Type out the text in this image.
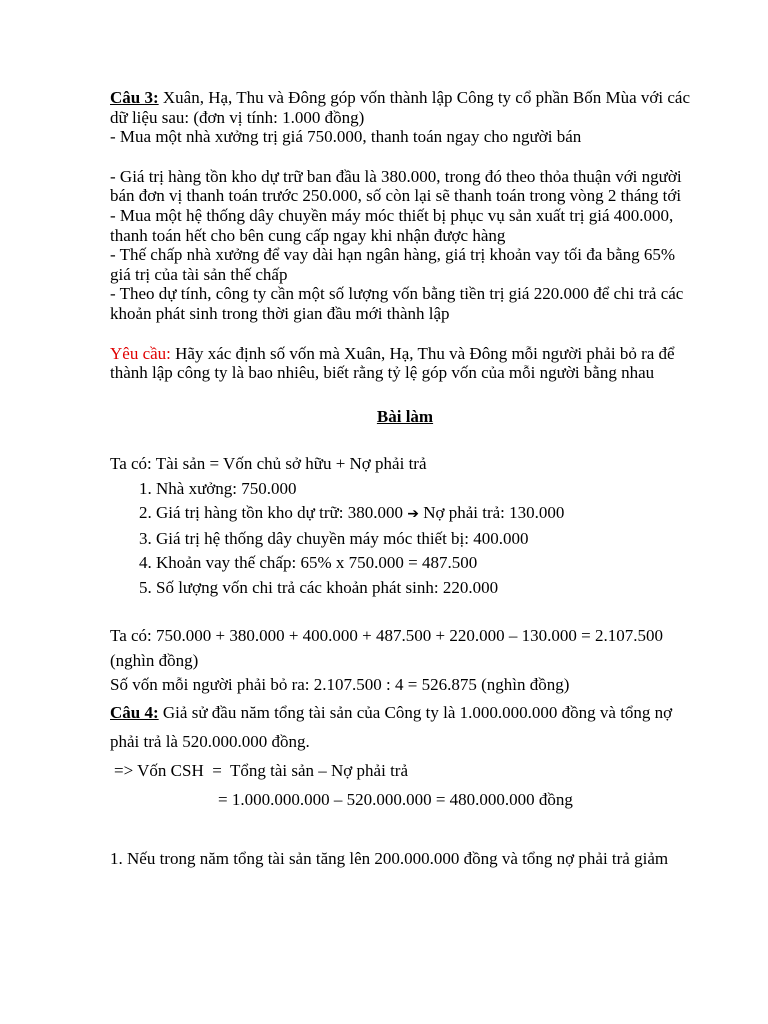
Câu 3: Xuân, Hạ, Thu và Đông góp vốn thành lập Công ty cổ phần Bốn Mùa với các dữ liệu sau: (đơn vị tính: 1.000 đồng)

- Mua một nhà xưởng trị giá 750.000, thanh toán ngay cho người bán

- Giá trị hàng tồn kho dự trữ ban đầu là 380.000, trong đó theo thỏa thuận với người bán đơn vị thanh toán trước 250.000, số còn lại sẽ thanh toán trong vòng 2 tháng tới

- Mua một hệ thống dây chuyền máy móc thiết bị phục vụ sản xuất trị giá 400.000, thanh toán hết cho bên cung cấp ngay khi nhận được hàng

- Thế chấp nhà xưởng để vay dài hạn ngân hàng, giá trị khoản vay tối đa bằng 65% giá trị của tài sản thế chấp

- Theo dự tính, công ty cần một số lượng vốn bằng tiền trị giá 220.000 để chi trả các khoản phát sinh trong thời gian đầu mới thành lập

Yêu cầu: Hãy xác định số vốn mà Xuân, Hạ, Thu và Đông mỗi người phải bỏ ra để thành lập công ty là bao nhiêu, biết rằng tỷ lệ góp vốn của mỗi người bằng nhau

Bài làm

Ta có: Tài sản = Vốn chủ sở hữu + Nợ phải trả

1. Nhà xưởng: 750.000
2. Giá trị hàng tồn kho dự trữ: 380.000 ➔ Nợ phải trả: 130.000
3. Giá trị hệ thống dây chuyền máy móc thiết bị: 400.000
4. Khoản vay thế chấp: 65% x 750.000 = 487.500
5. Số lượng vốn chi trả các khoản phát sinh: 220.000

Ta có: 750.000 + 380.000 + 400.000 + 487.500 + 220.000 – 130.000 = 2.107.500 (nghìn đồng)

Số vốn mỗi người phải bỏ ra: 2.107.500 : 4 = 526.875 (nghìn đồng)

Câu 4: Giả sử đầu năm tổng tài sản của Công ty là 1.000.000.000 đồng và tổng nợ phải trả là 520.000.000 đồng.

=> Vốn CSH  =  Tổng tài sản – Nợ phải trả

= 1.000.000.000 – 520.000.000 = 480.000.000 đồng

1. Nếu trong năm tổng tài sản tăng lên 200.000.000 đồng và tổng nợ phải trả giảm
